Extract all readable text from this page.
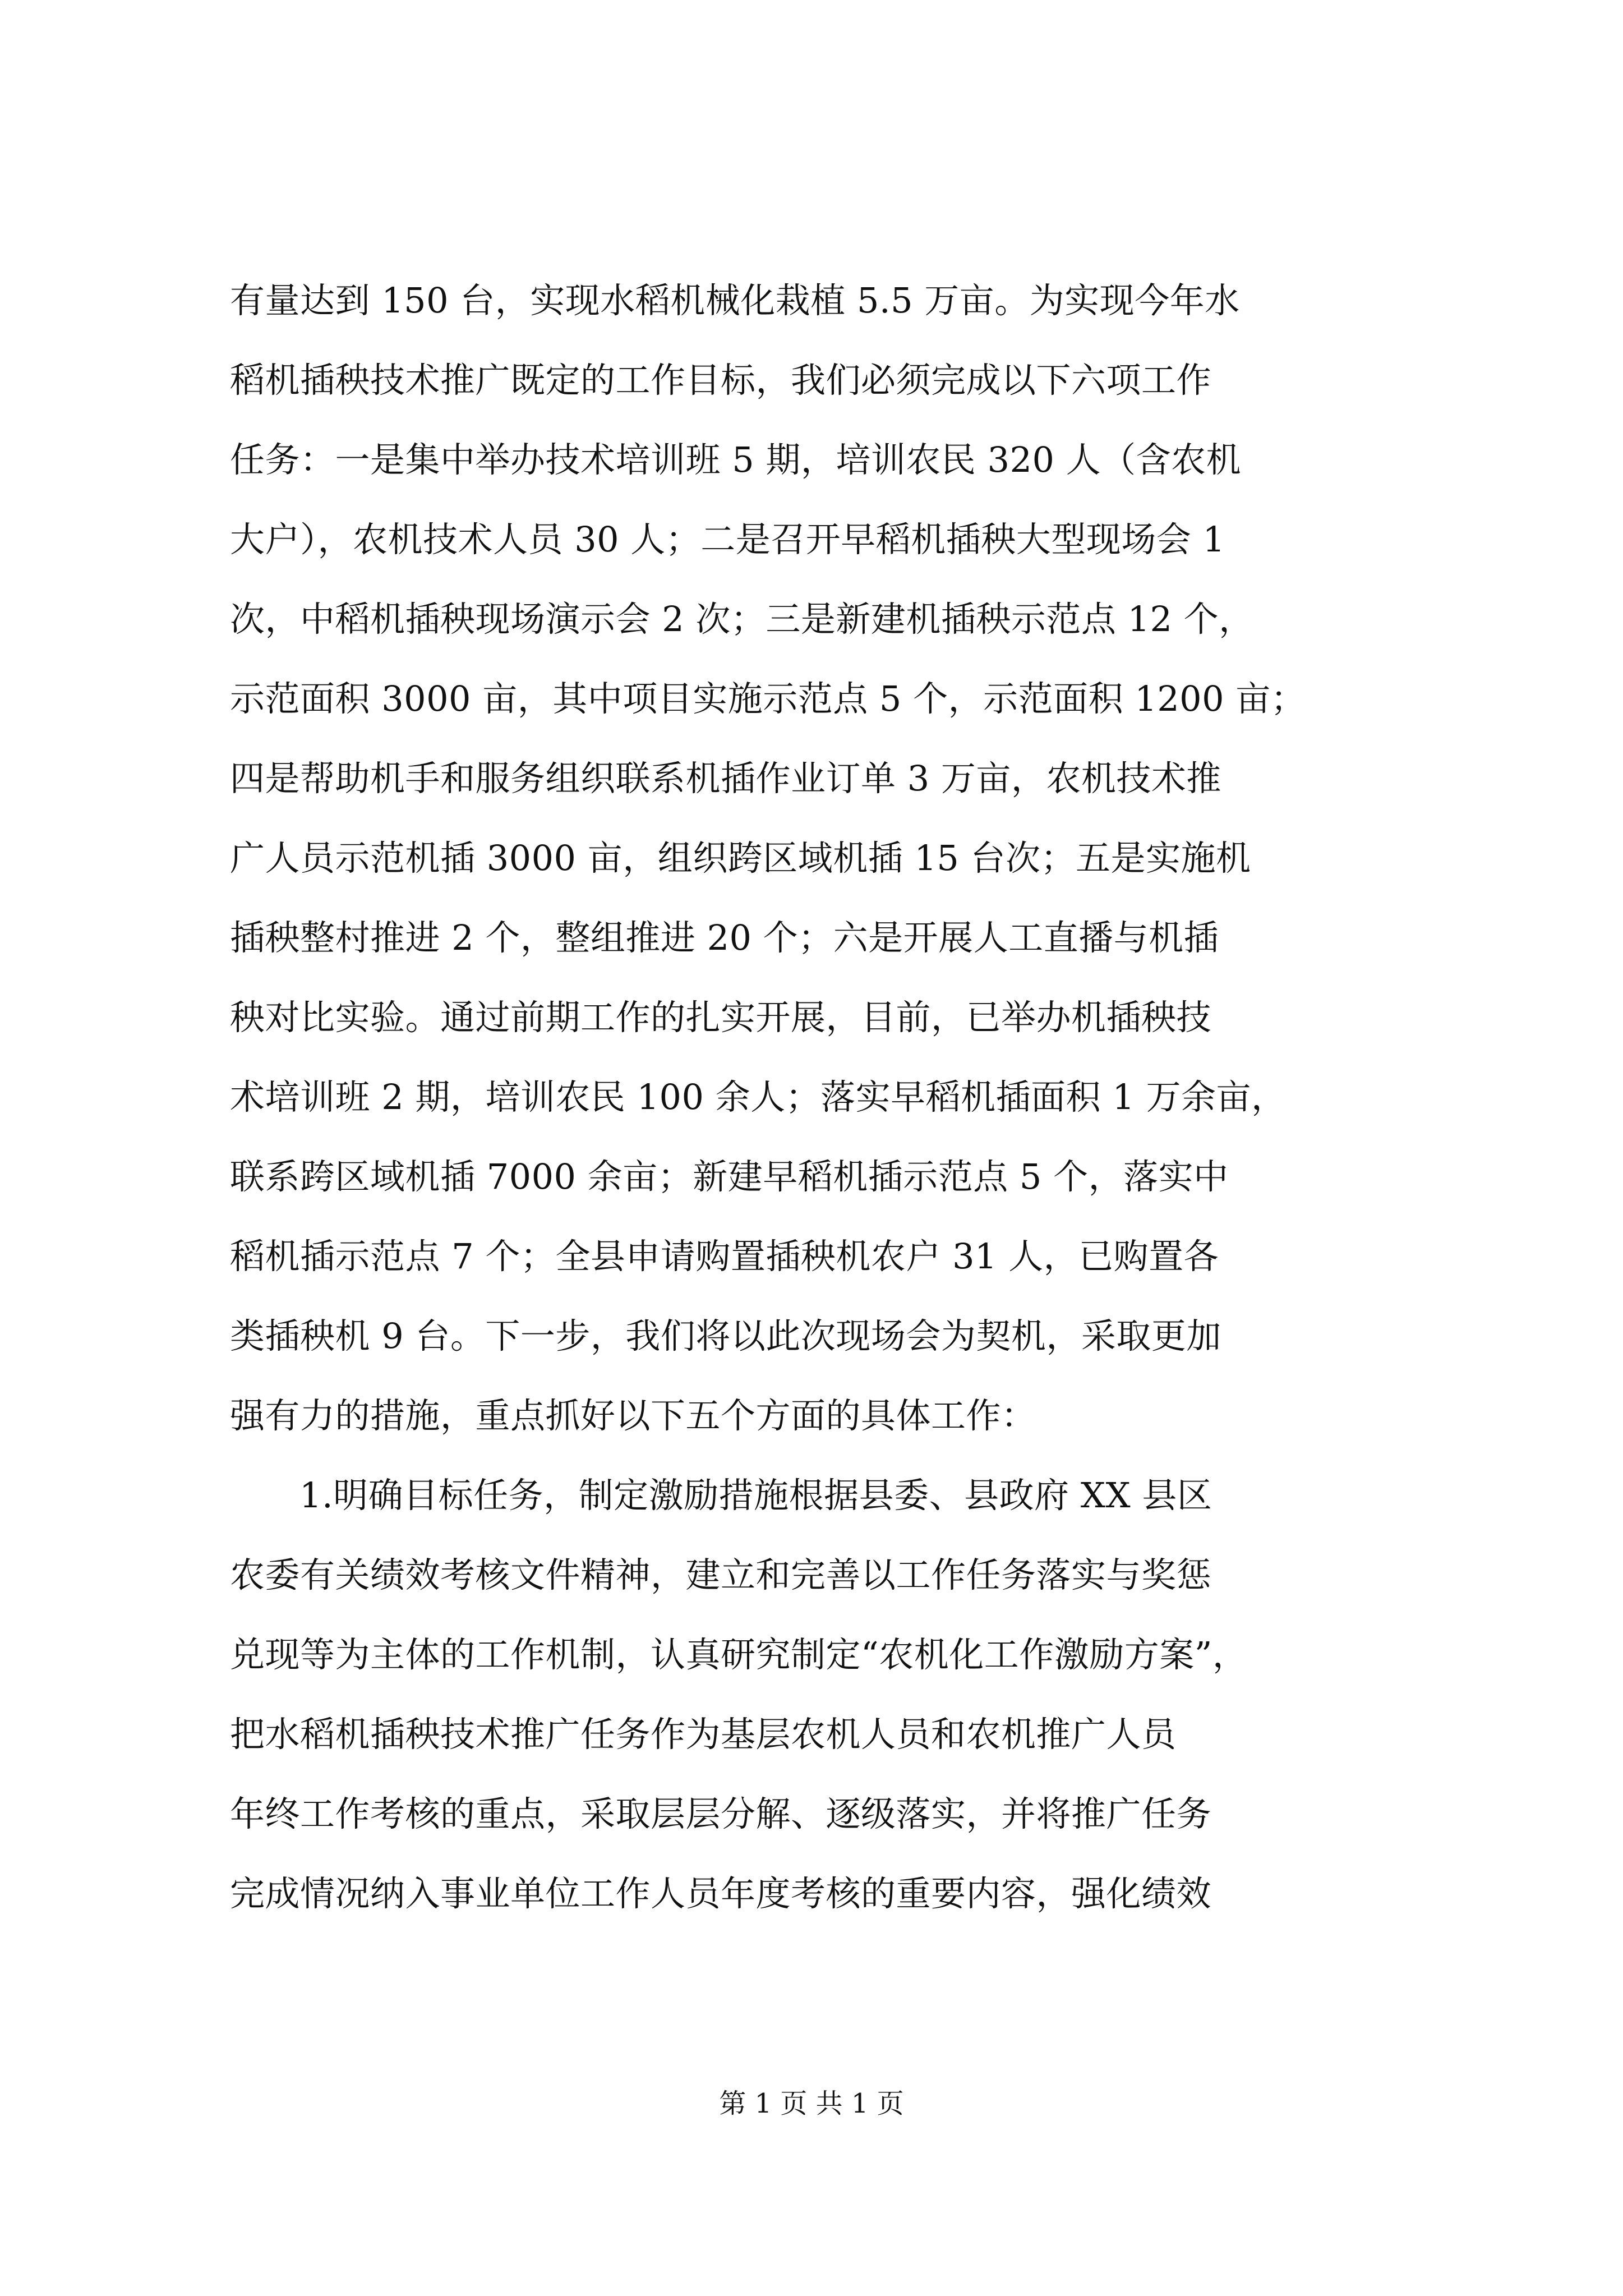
有量达到 150 台，实现水稻机械化栽植 5.5 万亩。为实现今年水
稻机插秧技术推广既定的工作目标，我们必须完成以下六项工作
任务：一是集中举办技术培训班 5 期，培训农民 320 人（含农机
大户），农机技术人员 30 人；二是召开早稻机插秧大型现场会 1
次，中稻机插秧现场演示会 2 次；三是新建机插秧示范点 12 个，
示范面积 3000 亩，其中项目实施示范点 5 个，示范面积 1200 亩；
四是帮助机手和服务组织联系机插作业订单 3 万亩，农机技术推
广人员示范机插 3000 亩，组织跨区域机插 15 台次；五是实施机
插秧整村推进 2 个，整组推进 20 个；六是开展人工直播与机插
秧对比实验。通过前期工作的扎实开展，目前，已举办机插秧技
术培训班 2 期，培训农民 100 余人；落实早稻机插面积 1 万余亩，
联系跨区域机插 7000 余亩；新建早稻机插示范点 5 个，落实中
稻机插示范点 7 个；全县申请购置插秧机农户 31 人，已购置各
类插秧机 9 台。下一步，我们将以此次现场会为契机，采取更加
强有力的措施，重点抓好以下五个方面的具体工作：
1.明确目标任务，制定激励措施根据县委、县政府 XX 县区
农委有关绩效考核文件精神，建立和完善以工作任务落实与奖惩
兑现等为主体的工作机制，认真研究制定“农机化工作激励方案”，
把水稻机插秧技术推广任务作为基层农机人员和农机推广人员
年终工作考核的重点，采取层层分解、逐级落实，并将推广任务
完成情况纳入事业单位工作人员年度考核的重要内容，强化绩效
第 1 页 共 1 页
